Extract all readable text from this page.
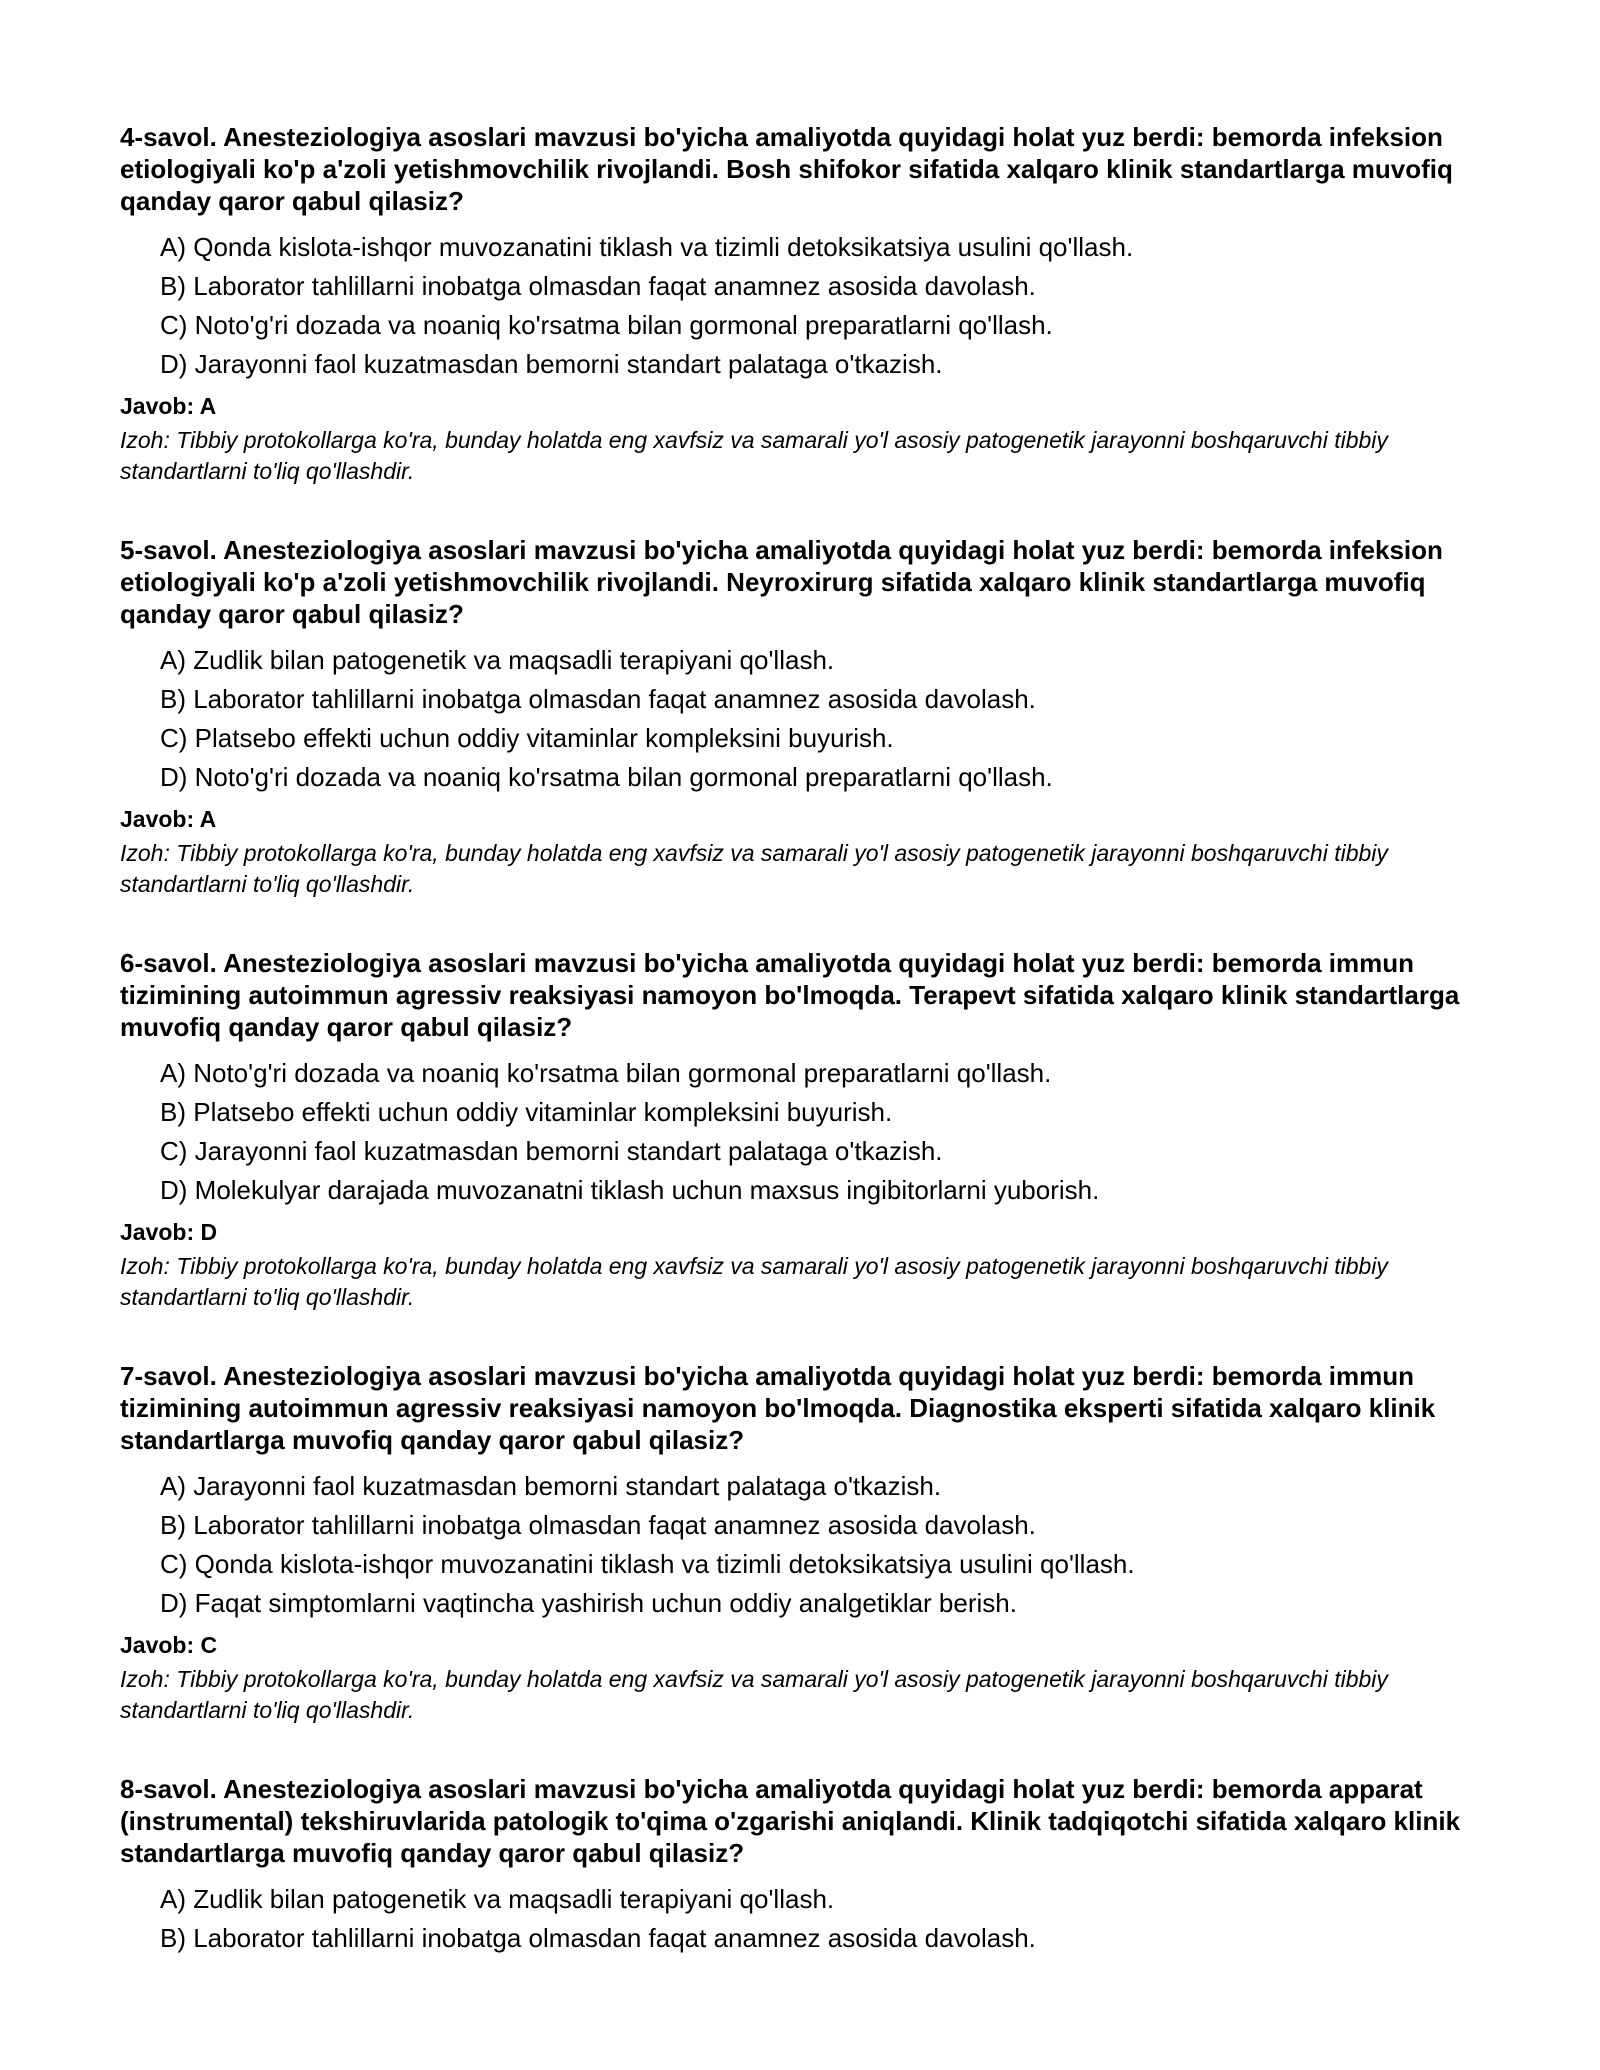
4-savol. Anesteziologiya asoslari mavzusi bo'yicha amaliyotda quyidagi holat yuz berdi: bemorda infeksion etiologiyali ko'p a'zoli yetishmovchilik rivojlandi. Bosh shifokor sifatida xalqaro klinik standartlarga muvofiq qanday qaror qabul qilasiz?
A) Qonda kislota-ishqor muvozanatini tiklash va tizimli detoksikatsiya usulini qo'llash.
B) Laborator tahlillarni inobatga olmasdan faqat anamnez asosida davolash.
C) Noto'g'ri dozada va noaniq ko'rsatma bilan gormonal preparatlarni qo'llash.
D) Jarayonni faol kuzatmasdan bemorni standart palataga o'tkazish.
Javob: A
Izoh: Tibbiy protokollarga ko'ra, bunday holatda eng xavfsiz va samarali yo'l asosiy patogenetik jarayonni boshqaruvchi tibbiy standartlarni to'liq qo'llashdir.
5-savol. Anesteziologiya asoslari mavzusi bo'yicha amaliyotda quyidagi holat yuz berdi: bemorda infeksion etiologiyali ko'p a'zoli yetishmovchilik rivojlandi. Neyroxirurg sifatida xalqaro klinik standartlarga muvofiq qanday qaror qabul qilasiz?
A) Zudlik bilan patogenetik va maqsadli terapiyani qo'llash.
B) Laborator tahlillarni inobatga olmasdan faqat anamnez asosida davolash.
C) Platsebo effekti uchun oddiy vitaminlar kompleksini buyurish.
D) Noto'g'ri dozada va noaniq ko'rsatma bilan gormonal preparatlarni qo'llash.
Javob: A
Izoh: Tibbiy protokollarga ko'ra, bunday holatda eng xavfsiz va samarali yo'l asosiy patogenetik jarayonni boshqaruvchi tibbiy standartlarni to'liq qo'llashdir.
6-savol. Anesteziologiya asoslari mavzusi bo'yicha amaliyotda quyidagi holat yuz berdi: bemorda immun tizimining autoimmun agressiv reaksiyasi namoyon bo'lmoqda. Terapevt sifatida xalqaro klinik standartlarga muvofiq qanday qaror qabul qilasiz?
A) Noto'g'ri dozada va noaniq ko'rsatma bilan gormonal preparatlarni qo'llash.
B) Platsebo effekti uchun oddiy vitaminlar kompleksini buyurish.
C) Jarayonni faol kuzatmasdan bemorni standart palataga o'tkazish.
D) Molekulyar darajada muvozanatni tiklash uchun maxsus ingibitorlarni yuborish.
Javob: D
Izoh: Tibbiy protokollarga ko'ra, bunday holatda eng xavfsiz va samarali yo'l asosiy patogenetik jarayonni boshqaruvchi tibbiy standartlarni to'liq qo'llashdir.
7-savol. Anesteziologiya asoslari mavzusi bo'yicha amaliyotda quyidagi holat yuz berdi: bemorda immun tizimining autoimmun agressiv reaksiyasi namoyon bo'lmoqda. Diagnostika eksperti sifatida xalqaro klinik standartlarga muvofiq qanday qaror qabul qilasiz?
A) Jarayonni faol kuzatmasdan bemorni standart palataga o'tkazish.
B) Laborator tahlillarni inobatga olmasdan faqat anamnez asosida davolash.
C) Qonda kislota-ishqor muvozanatini tiklash va tizimli detoksikatsiya usulini qo'llash.
D) Faqat simptomlarni vaqtincha yashirish uchun oddiy analgetiklar berish.
Javob: C
Izoh: Tibbiy protokollarga ko'ra, bunday holatda eng xavfsiz va samarali yo'l asosiy patogenetik jarayonni boshqaruvchi tibbiy standartlarni to'liq qo'llashdir.
8-savol. Anesteziologiya asoslari mavzusi bo'yicha amaliyotda quyidagi holat yuz berdi: bemorda apparat (instrumental) tekshiruvlarida patologik to'qima o'zgarishi aniqlandi. Klinik tadqiqotchi sifatida xalqaro klinik standartlarga muvofiq qanday qaror qabul qilasiz?
A) Zudlik bilan patogenetik va maqsadli terapiyani qo'llash.
B) Laborator tahlillarni inobatga olmasdan faqat anamnez asosida davolash.
